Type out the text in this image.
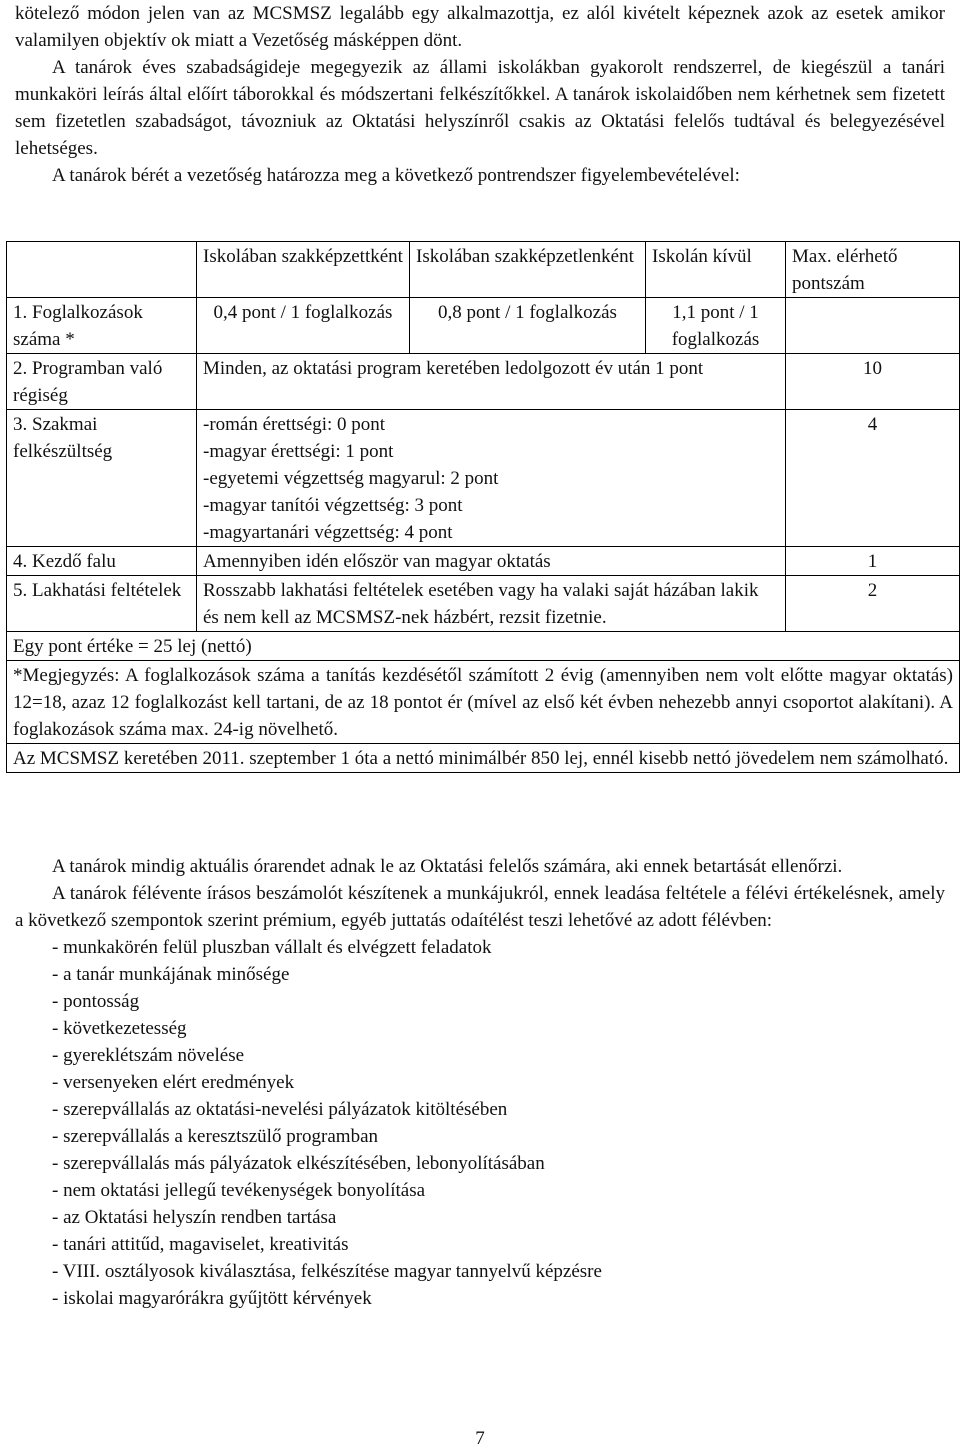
kötelező módon jelen van az MCSMSZ legalább egy alkalmazottja, ez alól kivételt képeznek azok az esetek amikor valamilyen objektív ok miatt a Vezetőség másképpen dönt.

A tanárok éves szabadságideje megegyezik az állami iskolákban gyakorolt rendszerrel, de kiegészül a tanári munkaköri leírás által előírt táborokkal és módszertani felkészítőkkel. A tanárok iskolaidőben nem kérhetnek sem fizetett sem fizetetlen szabadságot, távozniuk az Oktatási helyszínről csakis az Oktatási felelős tudtával és belegyezésével lehetséges.

A tanárok bérét a vezetőség határozza meg a következő pontrendszer figyelembevételével:

	Iskolában szakképzettként	Iskolában szakképzetlenként	Iskolán kívül	Max. elérhető pontszám
1. Foglalkozások száma *	0,4 pont / 1 foglalkozás	0,8 pont / 1 foglalkozás	1,1 pont / 1 foglalkozás	
2. Programban való régiség	Minden, az oktatási program keretében ledolgozott év után 1 pont			10
3. Szakmai felkészültség	-román érettségi: 0 pont
-magyar érettségi: 1 pont
-egyetemi végzettség magyarul: 2 pont
-magyar tanítói végzettség: 3 pont
-magyartanári végzettség: 4 pont			4
4. Kezdő falu	Amennyiben idén először van magyar oktatás			1
5. Lakhatási feltételek	Rosszabb lakhatási feltételek esetében vagy ha valaki saját házában lakik és nem kell az MCSMSZ-nek házbért, rezsit fizetnie.			2
Egy pont értéke = 25 lej (nettó)				
*Megjegyzés: A foglalkozások száma a tanítás kezdésétől számított 2 évig (amennyiben nem volt előtte magyar oktatás) 12=18, azaz 12 foglalkozást kell tartani, de az 18 pontot ér (mível az első két évben nehezebb annyi csoportot alakítani). A foglakozások száma max. 24-ig növelhető.				
Az MCSMSZ keretében 2011. szeptember 1 óta a nettó minimálbér 850 lej, ennél kisebb nettó jövedelem nem számolható.				

A tanárok mindig aktuális órarendet adnak le az Oktatási felelős számára, aki ennek betartását ellenőrzi.

A tanárok félévente írásos beszámolót készítenek a munkájukról, ennek leadása feltétele a félévi értékelésnek, amely a következő szempontok szerint prémium, egyéb juttatás odaítélést teszi lehetővé az adott félévben:

- munkakörén felül pluszban vállalt és elvégzett feladatok
- a tanár munkájának minősége
- pontosság
- következetesség
- gyereklétszám növelése
- versenyeken elért eredmények
- szerepvállalás az oktatási-nevelési pályázatok kitöltésében
- szerepvállalás a keresztszülő programban
- szerepvállalás más pályázatok elkészítésében, lebonyolításában
- nem oktatási jellegű tevékenységek bonyolítása
- az Oktatási helyszín rendben tartása
- tanári attitűd, magaviselet, kreativitás
- VIII. osztályosok kiválasztása, felkészítése magyar tannyelvű képzésre
- iskolai magyarórákra gyűjtött kérvények
7
